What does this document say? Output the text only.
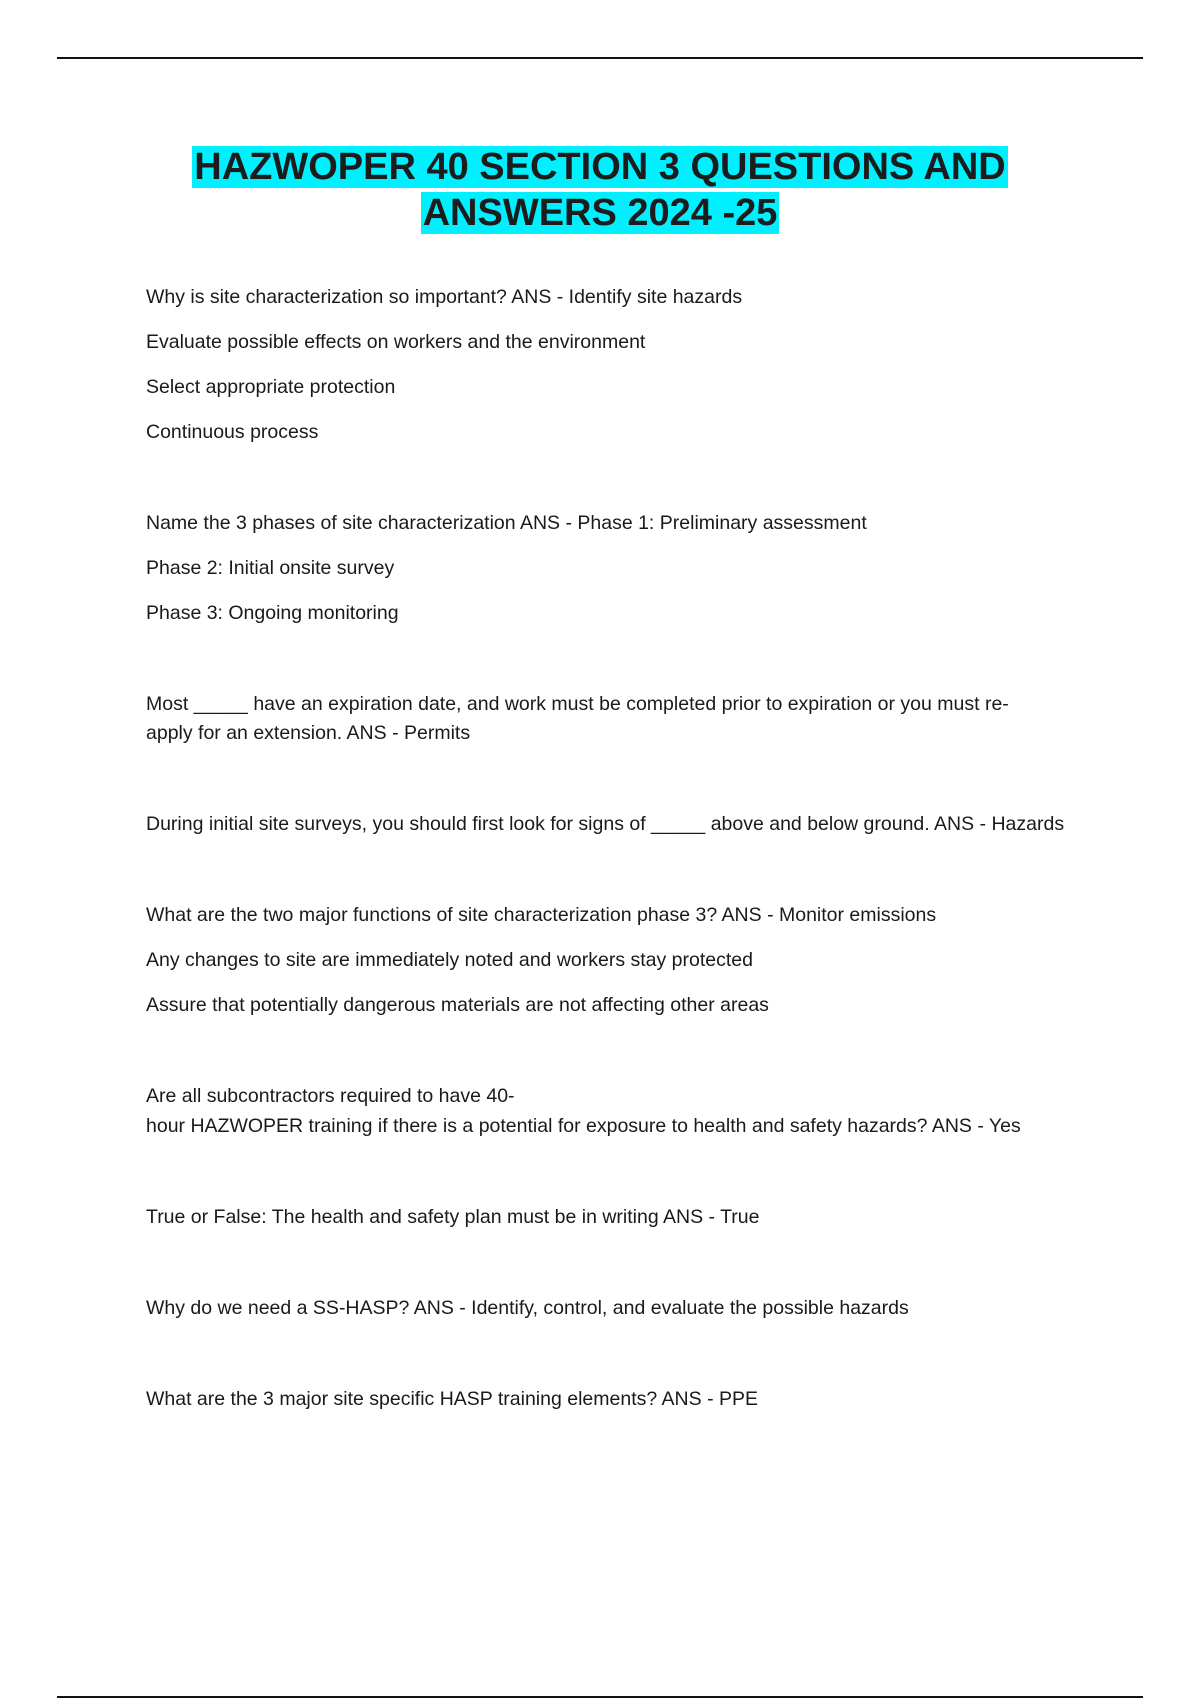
HAZWOPER 40 SECTION 3 QUESTIONS AND
ANSWERS 2024 -25
Why is site characterization so important? ANS - Identify site hazards
Evaluate possible effects on workers and the environment
Select appropriate protection
Continuous process
Name the 3 phases of site characterization ANS - Phase 1: Preliminary assessment
Phase 2: Initial onsite survey
Phase 3: Ongoing monitoring
Most _____ have an expiration date, and work must be completed prior to expiration or you must re-
apply for an extension. ANS - Permits
During initial site surveys, you should first look for signs of _____ above and below ground. ANS - Hazards
What are the two major functions of site characterization phase 3? ANS - Monitor emissions
Any changes to site are immediately noted and workers stay protected
Assure that potentially dangerous materials are not affecting other areas
Are all subcontractors required to have 40-
hour HAZWOPER training if there is a potential for exposure to health and safety hazards? ANS - Yes
True or False: The health and safety plan must be in writing ANS - True
Why do we need a SS-HASP? ANS - Identify, control, and evaluate the possible hazards
What are the 3 major site specific HASP training elements? ANS - PPE
